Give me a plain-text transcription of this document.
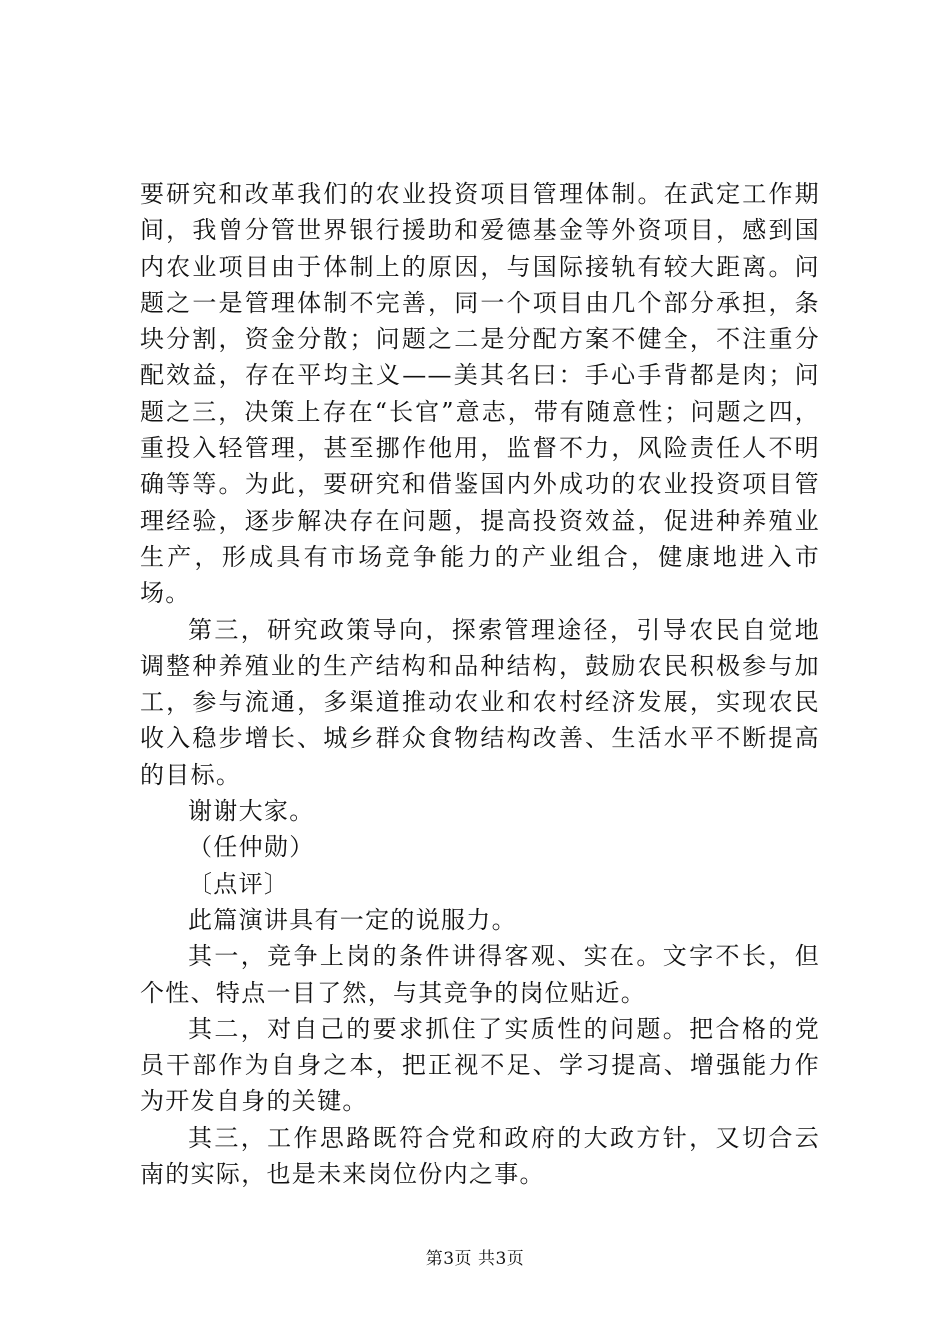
要研究和改革我们的农业投资项目管理体制。在武定工作期间，我曾分管世界银行援助和爱德基金等外资项目，感到国内农业项目由于体制上的原因，与国际接轨有较大距离。问题之一是管理体制不完善，同一个项目由几个部分承担，条块分割，资金分散；问题之二是分配方案不健全，不注重分配效益，存在平均主义——美其名曰：手心手背都是肉；问题之三，决策上存在“长官”意志，带有随意性；问题之四，重投入轻管理，甚至挪作他用，监督不力，风险责任人不明确等等。为此，要研究和借鉴国内外成功的农业投资项目管理经验，逐步解决存在问题，提高投资效益，促进种养殖业生产，形成具有市场竞争能力的产业组合，健康地进入市场。

第三，研究政策导向，探索管理途径，引导农民自觉地调整种养殖业的生产结构和品种结构，鼓励农民积极参与加工，参与流通，多渠道推动农业和农村经济发展，实现农民收入稳步增长、城乡群众食物结构改善、生活水平不断提高的目标。

谢谢大家。

（任仲勋）

〔点评〕

此篇演讲具有一定的说服力。

其一，竞争上岗的条件讲得客观、实在。文字不长，但个性、特点一目了然，与其竞争的岗位贴近。

其二，对自己的要求抓住了实质性的问题。把合格的党员干部作为自身之本，把正视不足、学习提高、增强能力作为开发自身的关键。

其三，工作思路既符合党和政府的大政方针，又切合云南的实际，也是未来岗位份内之事。

第3页 共3页
